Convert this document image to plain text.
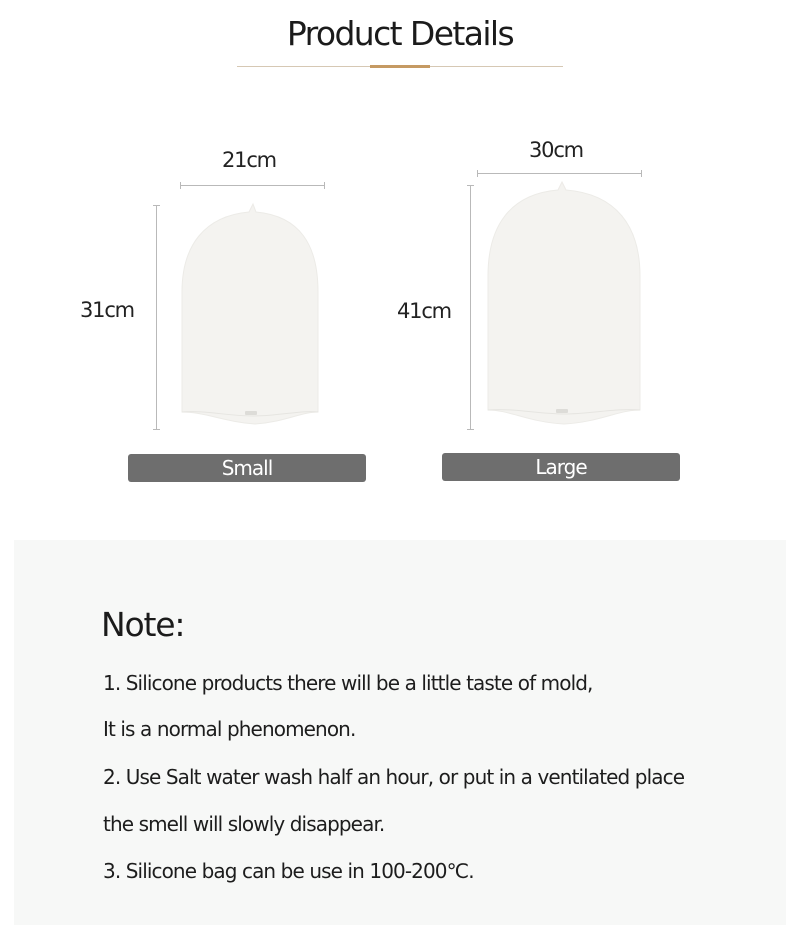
Product Details
21cm
31cm
Small
30cm
41cm
Large
Note:
1. Silicone products there will be a little taste of mold,
It is a normal phenomenon.
2. Use Salt water wash half an hour, or put in a ventilated place
the smell will slowly disappear.
3. Silicone bag can be use in 100-200℃.
